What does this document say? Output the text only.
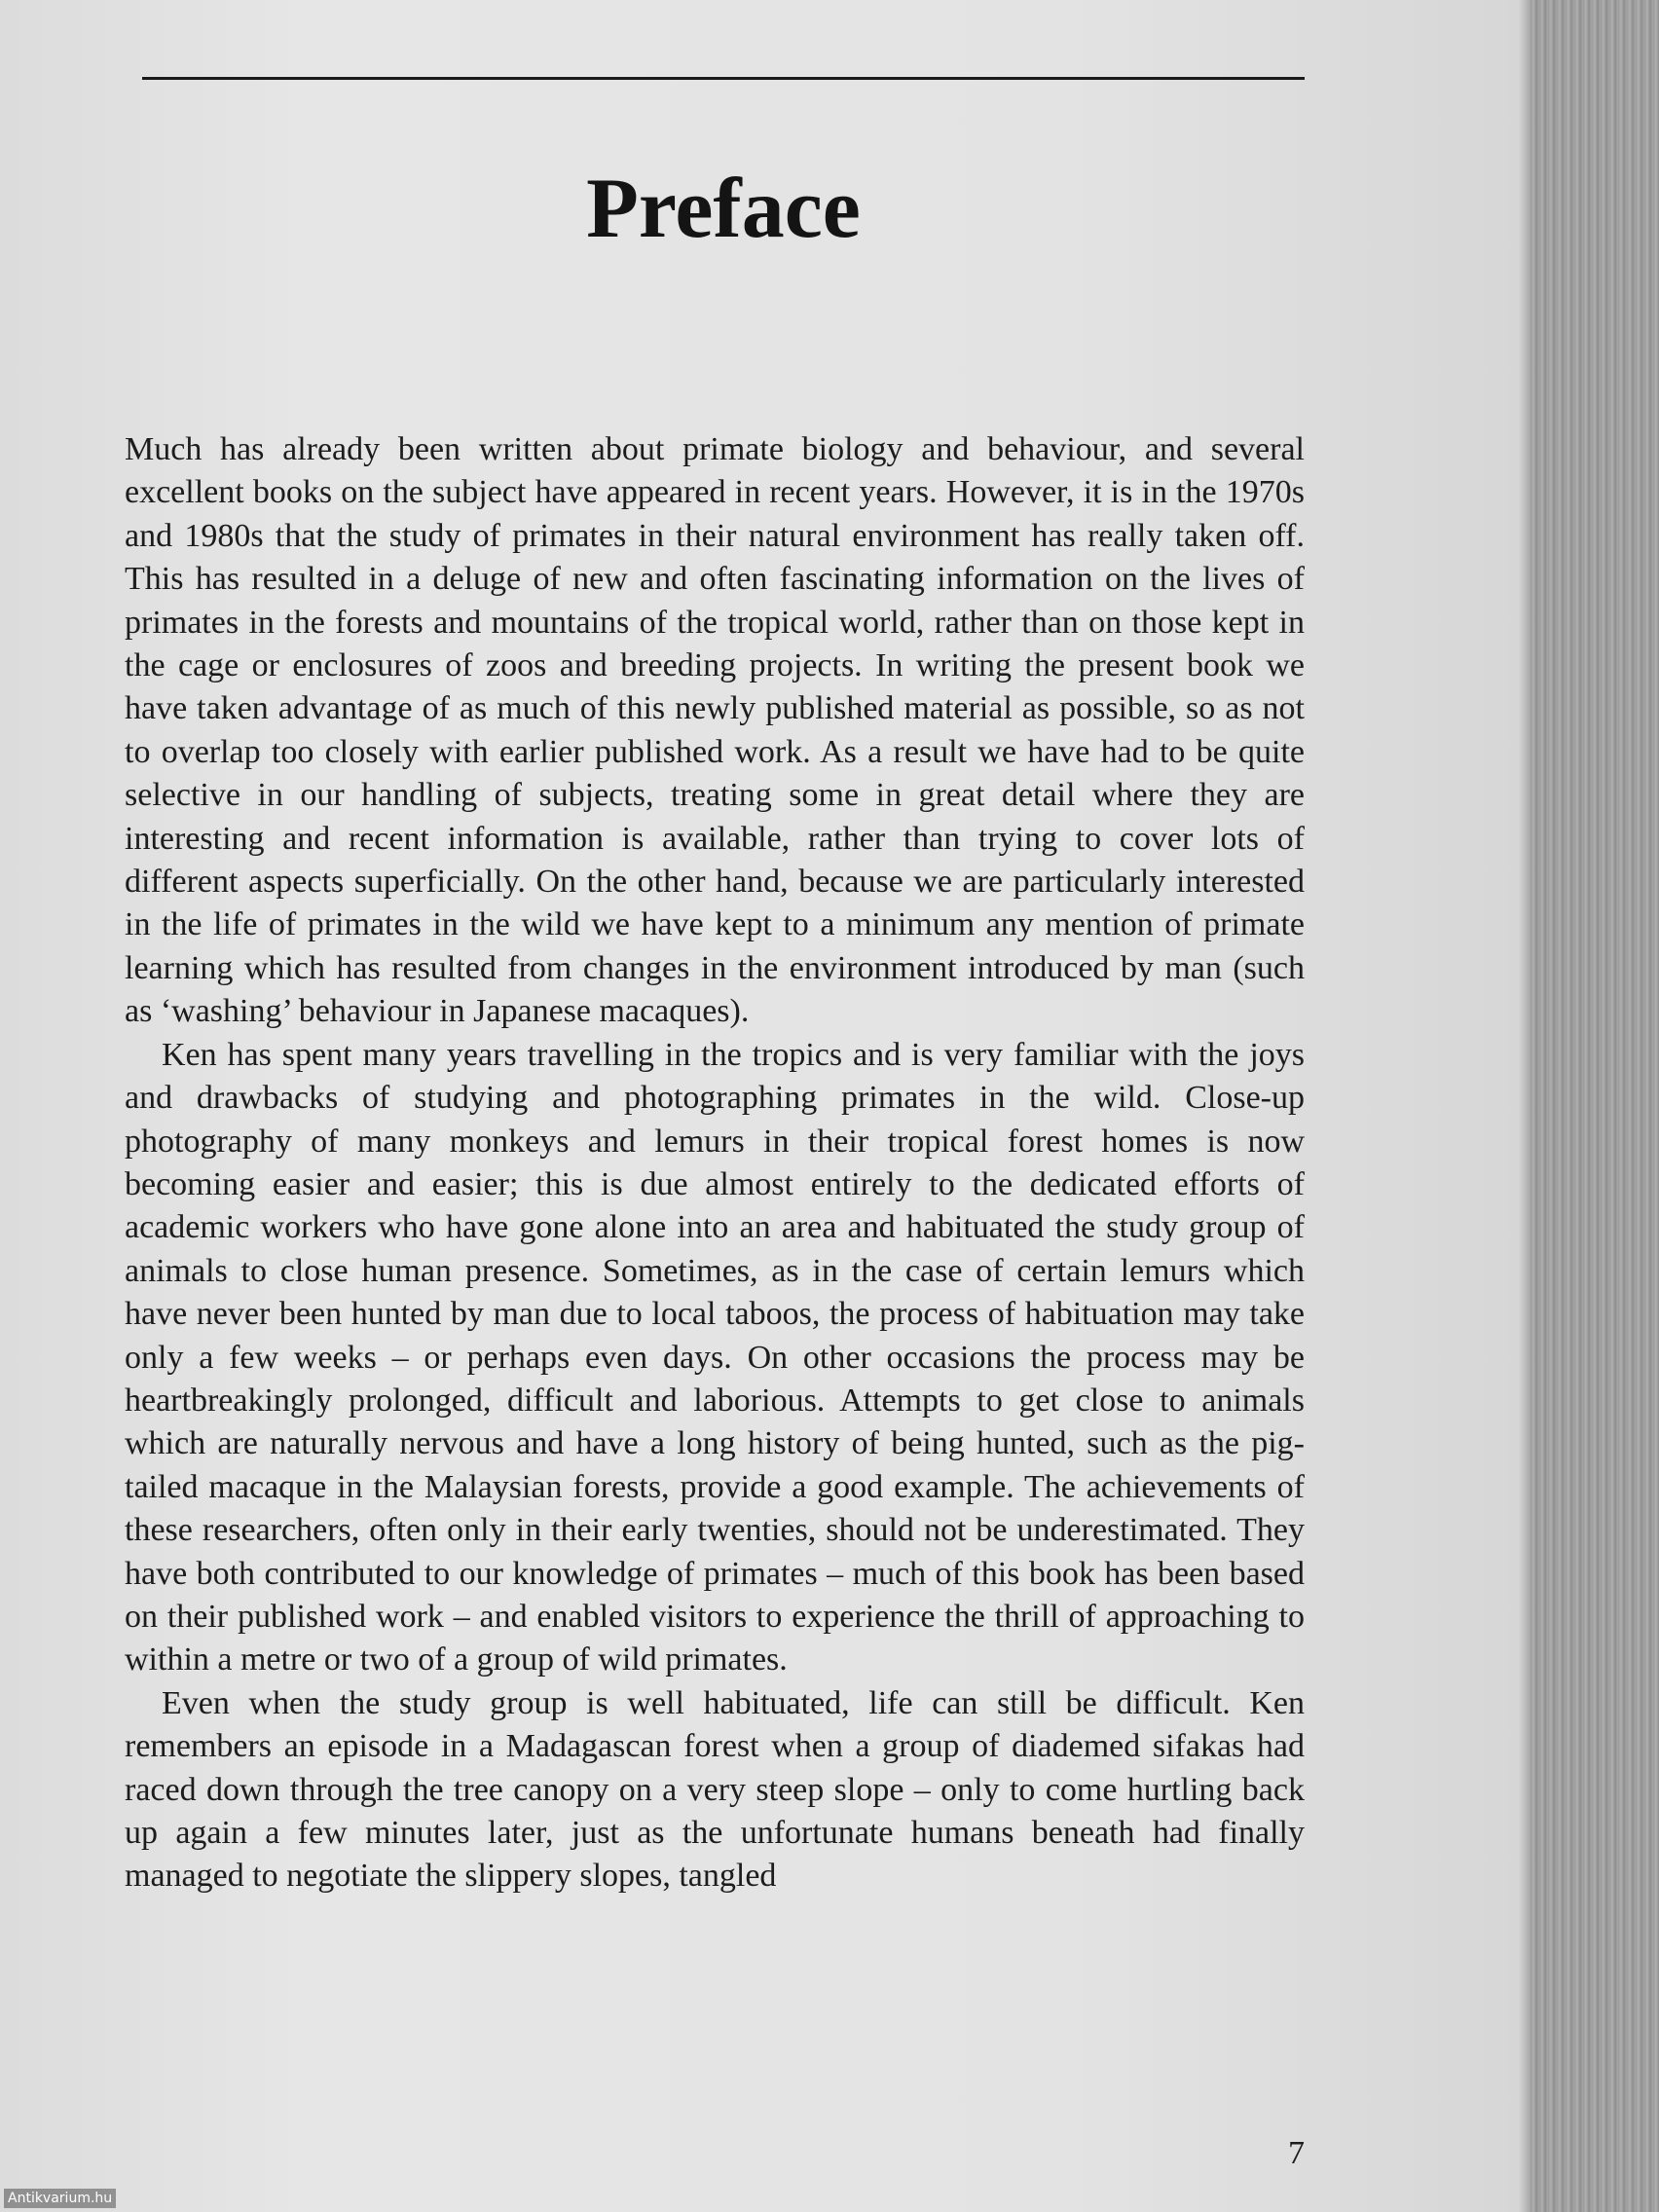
Preface

Much has already been written about primate biology and behaviour, and several excellent books on the subject have appeared in recent years. However, it is in the 1970s and 1980s that the study of primates in their natural environment has really taken off. This has resulted in a deluge of new and often fascinating information on the lives of primates in the forests and mountains of the tropical world, rather than on those kept in the cage or enclosures of zoos and breeding projects. In writing the present book we have taken advantage of as much of this newly published material as possible, so as not to overlap too closely with earlier published work. As a result we have had to be quite selective in our handling of subjects, treating some in great detail where they are interesting and recent information is available, rather than trying to cover lots of different aspects superficially. On the other hand, because we are particularly interested in the life of primates in the wild we have kept to a minimum any mention of primate learning which has resulted from changes in the environment introduced by man (such as ‘washing’ behaviour in Japanese macaques).

Ken has spent many years travelling in the tropics and is very familiar with the joys and drawbacks of studying and photographing primates in the wild. Close-up photography of many monkeys and lemurs in their tropical forest homes is now becoming easier and easier; this is due almost entirely to the dedicated efforts of academic workers who have gone alone into an area and habituated the study group of animals to close human presence. Sometimes, as in the case of certain lemurs which have never been hunted by man due to local taboos, the process of habituation may take only a few weeks – or perhaps even days. On other occasions the process may be heartbreakingly prolonged, difficult and laborious. Attempts to get close to animals which are naturally nervous and have a long history of being hunted, such as the pig-tailed macaque in the Malaysian forests, provide a good example. The achievements of these researchers, often only in their early twenties, should not be underestimated. They have both contributed to our knowledge of primates – much of this book has been based on their published work – and enabled visitors to experience the thrill of approaching to within a metre or two of a group of wild primates.

Even when the study group is well habituated, life can still be difficult. Ken remembers an episode in a Madagascan forest when a group of diademed sifakas had raced down through the tree canopy on a very steep slope – only to come hurtling back up again a few minutes later, just as the unfortunate humans beneath had finally managed to negotiate the slippery slopes, tangled

7
Antikvarium.hu
